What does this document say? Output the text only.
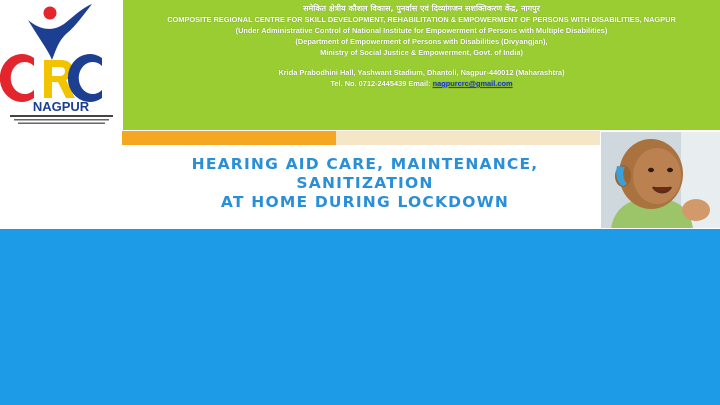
NAGPUR
समेकित क्षेत्रीय कौशल विकास, पुनर्वास एवं दिव्यांगजन सशक्तिकरण केंद्र, नागपुर
COMPOSITE REGIONAL CENTRE FOR SKILL DEVELOPMENT, REHABILITATION & EMPOWERMENT OF PERSONS WITH DISABILITIES, NAGPUR
(Under Administrative Control of National Institute for Empowerment of Persons with Multiple Disabilities)
(Department of Empowerment of Persons with Disabilities (Divyangjan),
Ministry of Social Justice & Empowerment, Govt. of India)
Krida Prabodhini Hall, Yashwant Stadium, Dhantoli, Nagpur-440012 (Maharashtra)
Tel. No. 0712-2445439 Email: nagpurcrc@gmail.com
HEARING AID CARE, MAINTENANCE, SANITIZATION
AT HOME DURING LOCKDOWN
